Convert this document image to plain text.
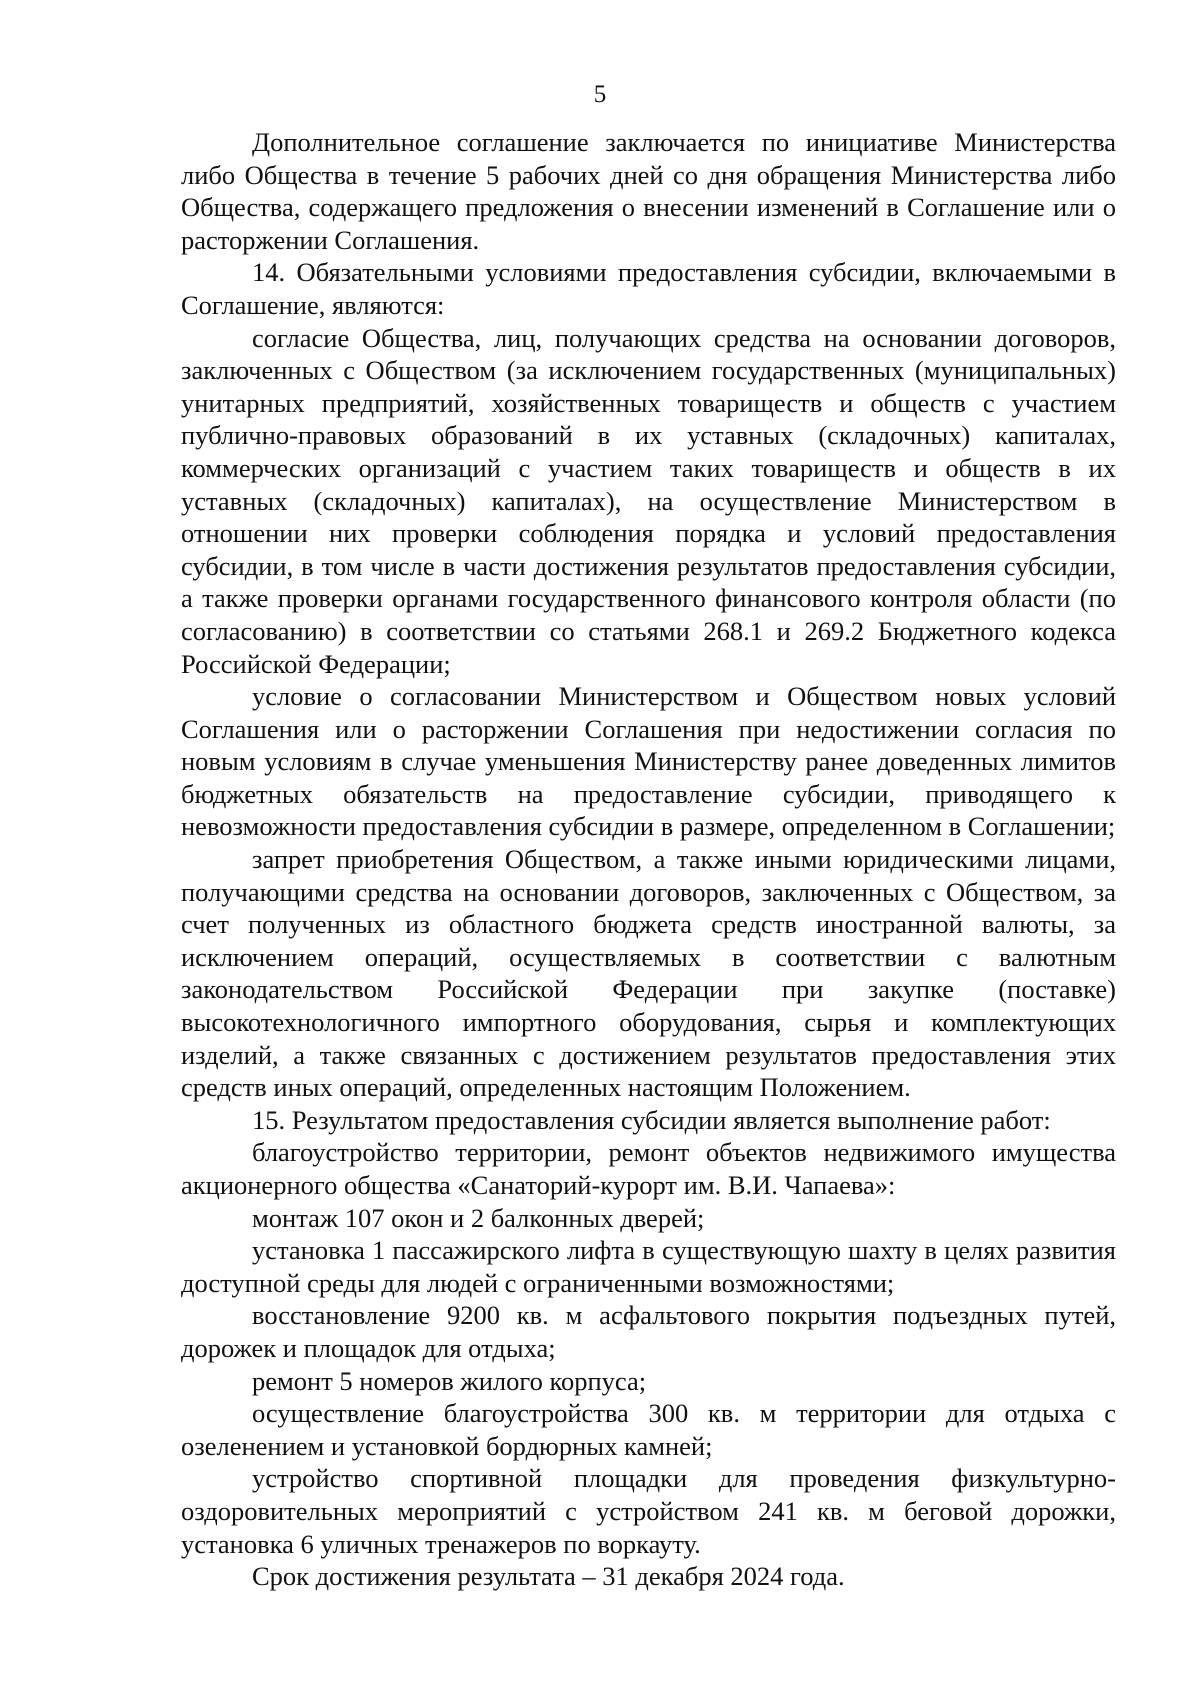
5

Дополнительное соглашение заключается по инициативе Министерства либо Общества в течение 5 рабочих дней со дня обращения Министерства либо Общества, содержащего предложения о внесении изменений в Соглашение или о расторжении Соглашения.

14. Обязательными условиями предоставления субсидии, включаемыми в Соглашение, являются:

согласие Общества, лиц, получающих средства на основании договоров, заключенных с Обществом (за исключением государственных (муниципальных) унитарных предприятий, хозяйственных товариществ и обществ с участием публично-правовых образований в их уставных (складочных) капиталах, коммерческих организаций с участием таких товариществ и обществ в их уставных (складочных) капиталах), на осуществление Министерством в отношении них проверки соблюдения порядка и условий предоставления субсидии, в том числе в части достижения результатов предоставления субсидии, а также проверки органами государственного финансового контроля области (по согласованию) в соответствии со статьями 268.1 и 269.2 Бюджетного кодекса Российской Федерации;

условие о согласовании Министерством и Обществом новых условий Соглашения или о расторжении Соглашения при недостижении согласия по новым условиям в случае уменьшения Министерству ранее доведенных лимитов бюджетных обязательств на предоставление субсидии, приводящего к невозможности предоставления субсидии в размере, определенном в Соглашении;

запрет приобретения Обществом, а также иными юридическими лицами, получающими средства на основании договоров, заключенных с Обществом, за счет полученных из областного бюджета средств иностранной валюты, за исключением операций, осуществляемых в соответствии с валютным законодательством Российской Федерации при закупке (поставке) высокотехнологичного импортного оборудования, сырья и комплектующих изделий, а также связанных с достижением результатов предоставления этих средств иных операций, определенных настоящим Положением.

15. Результатом предоставления субсидии является выполнение работ:

благоустройство территории, ремонт объектов недвижимого имущества акционерного общества «Санаторий-курорт им. В.И. Чапаева»:

монтаж 107 окон и 2 балконных дверей;

установка 1 пассажирского лифта в существующую шахту в целях развития доступной среды для людей с ограниченными возможностями;

восстановление 9200 кв. м асфальтового покрытия подъездных путей, дорожек и площадок для отдыха;

ремонт 5 номеров жилого корпуса;

осуществление благоустройства 300 кв. м территории для отдыха с озеленением и установкой бордюрных камней;

устройство спортивной площадки для проведения физкультурно-оздоровительных мероприятий с устройством 241 кв. м беговой дорожки, установка 6 уличных тренажеров по воркауту.

Срок достижения результата – 31 декабря 2024 года.
